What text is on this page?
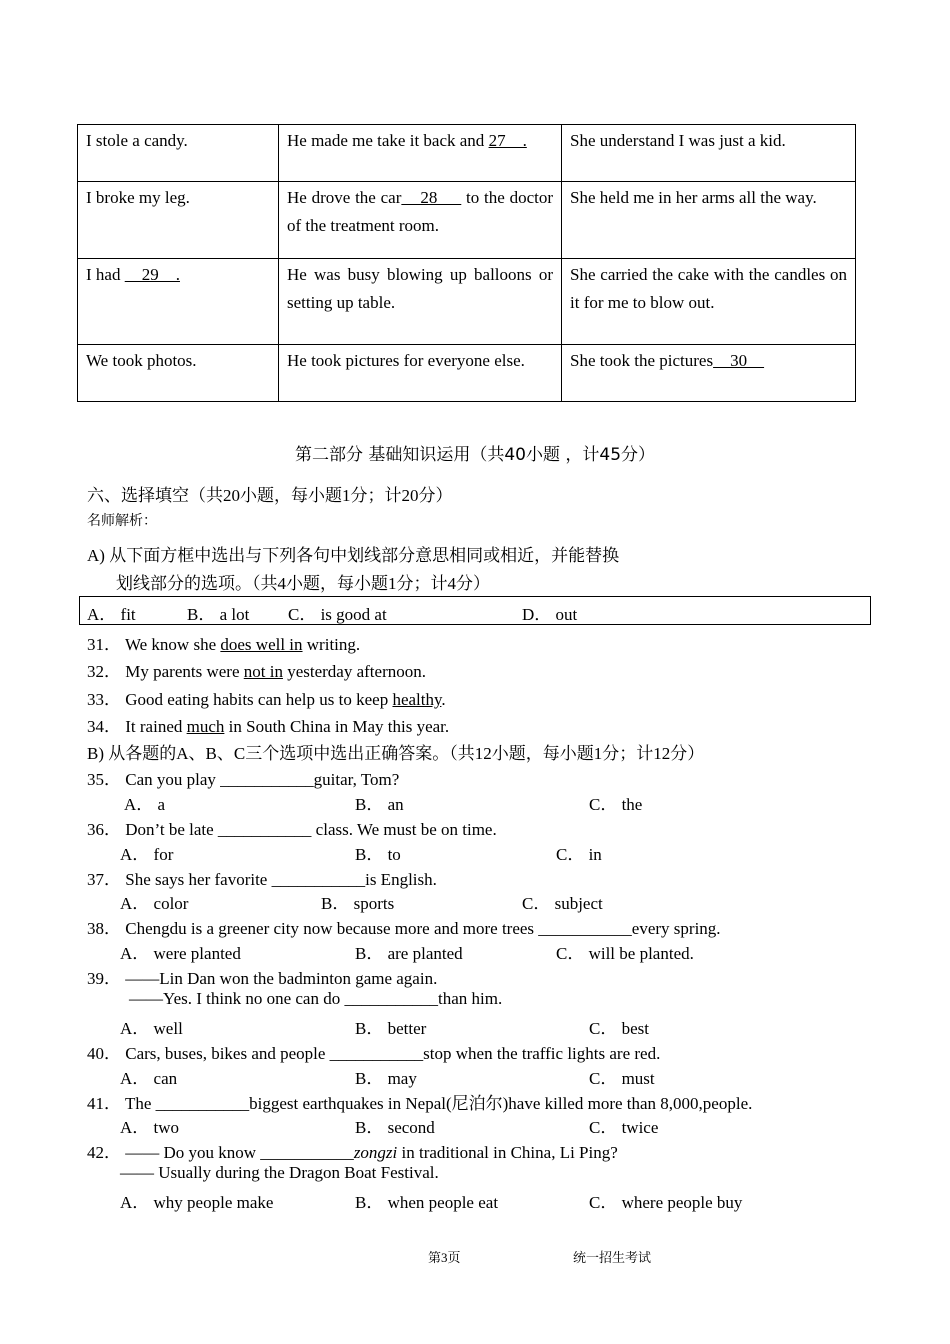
I stole a candy.	He made me take it back and 27    .	She understand I was just a kid.
I broke my leg.	He drove the car    28      to the doctor of the treatment room.	She held me in her arms all the way.
I had     29    .	He was busy blowing up balloons or setting up table.	She carried the cake with the candles on it for me to blow out.
We took photos.	He took pictures for everyone else.	She took the pictures    30
第二部分 基础知识运用（共40小题 ，计45分）
六、选择填空（共20小题，每小题1分；计20分）
名师解析：
A) 从下面方框中选出与下列各句中划线部分意思相同或相近，并能替换
划线部分的选项。（共4小题，每小题1分；计4分）
A． fit	B． a lot C． is good at	D． out
31． We know she does well in writing.
32． My parents were not in yesterday afternoon.
33． Good eating habits can help us to keep healthy.
34． It rained much in South China in May this year.
B) 从各题的A、B、C三个选项中选出正确答案。（共12小题，每小题1分；计12分）
35． Can you play ___________guitar, Tom?
A． a	B． an	C． the
36． Don’t be late ___________ class. We must be on time.
A． for	B． to	C． in
37． She says her favorite ___________is English.
A． color	B． sports	C． subject
38． Chengdu is a greener city now because more and more trees ___________every spring.
A． were planted	B． are planted	C． will be planted.
39． ——Lin Dan won the badminton game again.
——Yes. I think no one can do ___________than him.
A． well	B． better	C． best
40． Cars, buses, bikes and people ___________stop when the traffic lights are red.
A． can	B． may	C． must
41． The ___________biggest earthquakes in Nepal(尼泊尔)have killed more than 8,000,people.
A． two	B． second	C． twice
42． —— Do you know ___________zongzi in traditional in China, Li Ping?
—— Usually during the Dragon Boat Festival.
A． why people make	B． when people eat	C． where people buy
第3页	统一招生考试
